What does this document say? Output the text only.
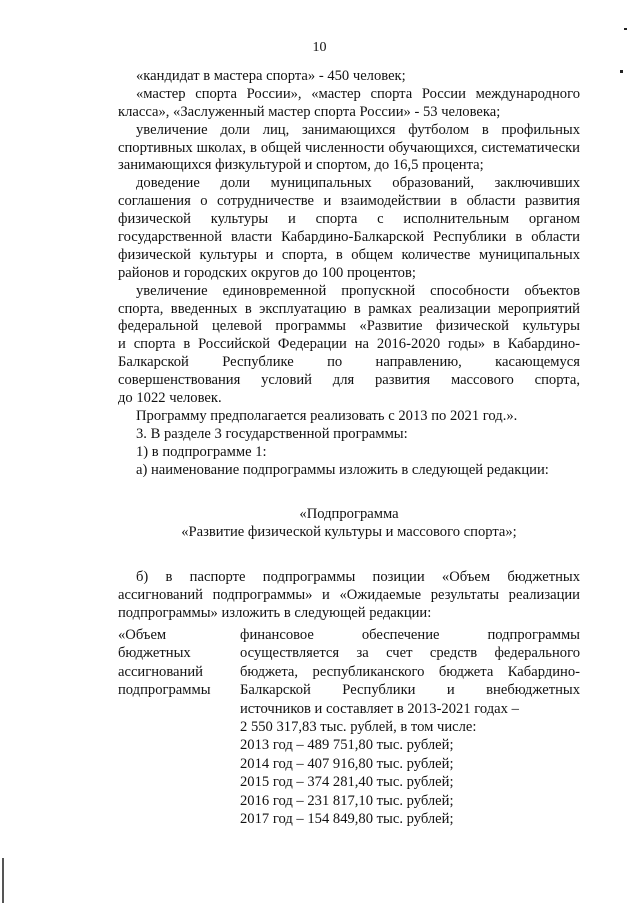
10
«кандидат в мастера спорта» - 450 человек;
«мастер спорта России», «мастер спорта России международного
класса», «Заслуженный мастер спорта России» - 53 человека;
увеличение доли лиц, занимающихся футболом в профильных
спортивных школах, в общей численности обучающихся, систематически
занимающихся физкультурой и спортом, до 16,5 процента;
доведение доли муниципальных образований, заключивших
соглашения о сотрудничестве и взаимодействии в области развития
физической культуры и спорта с исполнительным органом
государственной власти Кабардино-Балкарской Республики в области
физической культуры и спорта, в общем количестве муниципальных
районов и городских округов до 100 процентов;
увеличение единовременной пропускной способности объектов
спорта, введенных в эксплуатацию в рамках реализации мероприятий
федеральной целевой программы «Развитие физической культуры
и спорта в Российской Федерации на 2016-2020 годы» в Кабардино-
Балкарской Республике по направлению, касающемуся
совершенствования условий для развития массового спорта,
до 1022 человек.
Программу предполагается реализовать с 2013 по 2021 год.».
3. В разделе 3 государственной программы:
1) в подпрограмме 1:
а) наименование подпрограммы изложить в следующей редакции:
«Подпрограмма
«Развитие физической культуры и массового спорта»;
б) в паспорте подпрограммы позиции «Объем бюджетных
ассигнований подпрограммы» и «Ожидаемые результаты реализации
подпрограммы» изложить в следующей редакции:
«Объем
бюджетных
ассигнований
подпрограммы
финансовое обеспечение подпрограммы
осуществляется за счет средств федерального
бюджета, республиканского бюджета Кабардино-
Балкарской Республики и внебюджетных
источников и составляет в 2013-2021 годах –
2 550 317,83 тыс. рублей, в том числе:
2013 год – 489 751,80 тыс. рублей;
2014 год – 407 916,80 тыс. рублей;
2015 год – 374 281,40 тыс. рублей;
2016 год – 231 817,10 тыс. рублей;
2017 год – 154 849,80 тыс. рублей;
